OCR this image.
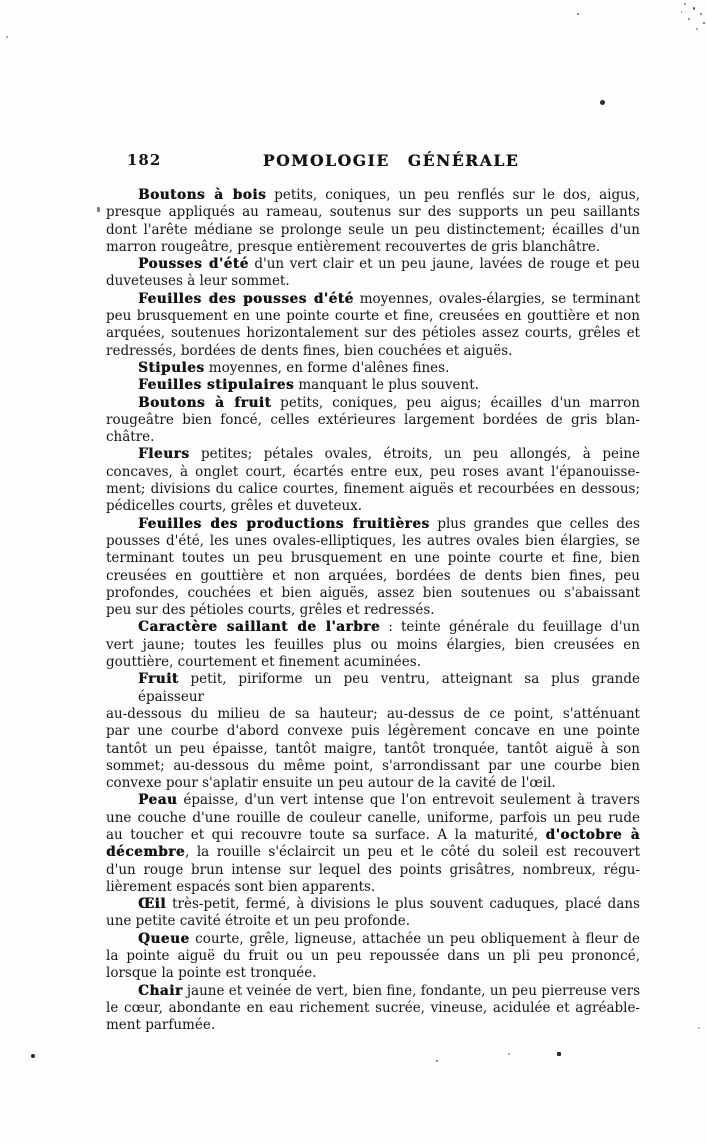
182	POMOLOGIE GÉNÉRALE
Boutons à bois petits, coniques, un peu renflés sur le dos, aigus,
presque appliqués au rameau, soutenus sur des supports un peu saillants
dont l'arête médiane se prolonge seule un peu distinctement; écailles d'un
marron rougeâtre, presque entièrement recouvertes de gris blanchâtre.
Pousses d'été d'un vert clair et un peu jaune, lavées de rouge et peu
duveteuses à leur sommet.
Feuilles des pousses d'été moyennes, ovales-élargies, se terminant
peu brusquement en une pointe courte et fine, creusées en gouttière et non
arquées, soutenues horizontalement sur des pétioles assez courts, grêles et
redressés, bordées de dents fines, bien couchées et aiguës.
Stipules moyennes, en forme d'alênes fines.
Feuilles stipulaires manquant le plus souvent.
Boutons à fruit petits, coniques, peu aigus; écailles d'un marron
rougeâtre bien foncé, celles extérieures largement bordées de gris blan-
châtre.
Fleurs petites; pétales ovales, étroits, un peu allongés, à peine
concaves, à onglet court, écartés entre eux, peu roses avant l'épanouisse-
ment; divisions du calice courtes, finement aiguës et recourbées en dessous;
pédicelles courts, grêles et duveteux.
Feuilles des productions fruitières plus grandes que celles des
pousses d'été, les unes ovales-elliptiques, les autres ovales bien élargies, se
terminant toutes un peu brusquement en une pointe courte et fine, bien
creusées en gouttière et non arquées, bordées de dents bien fines, peu
profondes, couchées et bien aiguës, assez bien soutenues ou s'abaissant
peu sur des pétioles courts, grêles et redressés.
Caractère saillant de l'arbre : teinte générale du feuillage d'un
vert jaune; toutes les feuilles plus ou moins élargies, bien creusées en
gouttière, courtement et finement acuminées.
Fruit petit, piriforme un peu ventru, atteignant sa plus grande épaisseur
au-dessous du milieu de sa hauteur; au-dessus de ce point, s'atténuant
par une courbe d'abord convexe puis légèrement concave en une pointe
tantôt un peu épaisse, tantôt maigre, tantôt tronquée, tantôt aiguë à son
sommet; au-dessous du même point, s'arrondissant par une courbe bien
convexe pour s'aplatir ensuite un peu autour de la cavité de l'œil.
Peau épaisse, d'un vert intense que l'on entrevoit seulement à travers
une couche d'une rouille de couleur canelle, uniforme, parfois un peu rude
au toucher et qui recouvre toute sa surface. A la maturité, d'octobre à
décembre, la rouille s'éclaircit un peu et le côté du soleil est recouvert
d'un rouge brun intense sur lequel des points grisâtres, nombreux, régu-
lièrement espacés sont bien apparents.
Œil très-petit, fermé, à divisions le plus souvent caduques, placé dans
une petite cavité étroite et un peu profonde.
Queue courte, grêle, ligneuse, attachée un peu obliquement à fleur de
la pointe aiguë du fruit ou un peu repoussée dans un pli peu prononcé,
lorsque la pointe est tronquée.
Chair jaune et veinée de vert, bien fine, fondante, un peu pierreuse vers
le cœur, abondante en eau richement sucrée, vineuse, acidulée et agréable-
ment parfumée.
